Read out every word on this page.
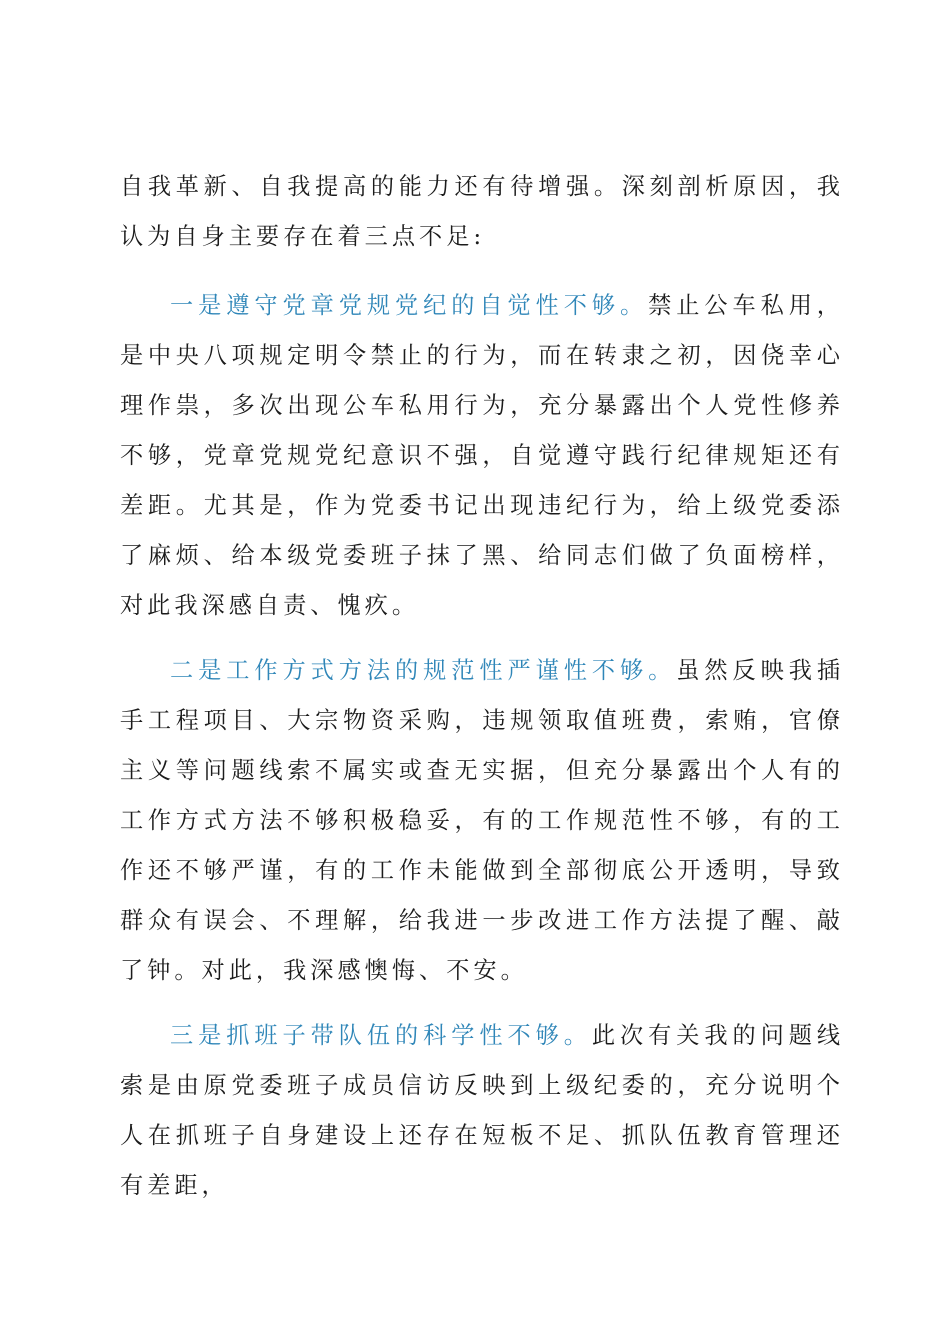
自我革新、自我提高的能力还有待增强。深刻剖析原因，我认为自身主要存在着三点不足:

一是遵守党章党规党纪的自觉性不够。禁止公车私用，是中央八项规定明令禁止的行为，而在转隶之初，因侥幸心理作祟，多次出现公车私用行为，充分暴露出个人党性修养不够，党章党规党纪意识不强，自觉遵守践行纪律规矩还有差距。尤其是，作为党委书记出现违纪行为，给上级党委添了麻烦、给本级党委班子抹了黑、给同志们做了负面榜样，对此我深感自责、愧疚。

二是工作方式方法的规范性严谨性不够。虽然反映我插手工程项目、大宗物资采购，违规领取值班费，索贿，官僚主义等问题线索不属实或查无实据，但充分暴露出个人有的工作方式方法不够积极稳妥，有的工作规范性不够，有的工作还不够严谨，有的工作未能做到全部彻底公开透明，导致群众有误会、不理解，给我进一步改进工作方法提了醒、敲了钟。对此，我深感懊悔、不安。

三是抓班子带队伍的科学性不够。此次有关我的问题线索是由原党委班子成员信访反映到上级纪委的，充分说明个人在抓班子自身建设上还存在短板不足、抓队伍教育管理还有差距，
